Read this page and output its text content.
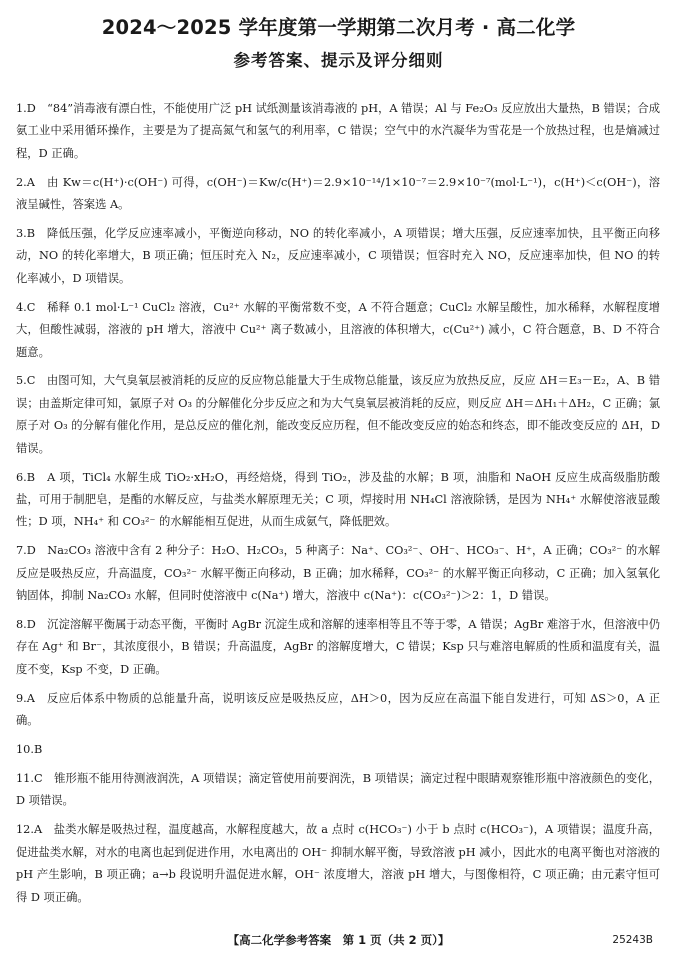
2024～2025 学年度第一学期第二次月考 · 高二化学
参考答案、提示及评分细则
1.D　“84”消毒液有漂白性，不能使用广泛 pH 试纸测量该消毒液的 pH，A 错误；Al 与 Fe₂O₃ 反应放出大量热，B 错误；合成氨工业中采用循环操作，主要是为了提高氮气和氢气的利用率，C 错误；空气中的水汽凝华为雪花是一个放热过程，也是熵减过程，D 正确。
2.A　由 Kw＝c(H⁺)·c(OH⁻) 可得，c(OH⁻)＝Kw/c(H⁺)＝2.9×10⁻¹⁴/1×10⁻⁷＝2.9×10⁻⁷(mol·L⁻¹)，c(H⁺)＜c(OH⁻)，溶液呈碱性，答案选 A。
3.B　降低压强，化学反应速率减小，平衡逆向移动，NO 的转化率减小，A 项错误；增大压强，反应速率加快，且平衡正向移动，NO 的转化率增大，B 项正确；恒压时充入 N₂，反应速率减小，C 项错误；恒容时充入 NO，反应速率加快，但 NO 的转化率减小，D 项错误。
4.C　稀释 0.1 mol·L⁻¹ CuCl₂ 溶液，Cu²⁺ 水解的平衡常数不变，A 不符合题意；CuCl₂ 水解呈酸性，加水稀释，水解程度增大，但酸性减弱，溶液的 pH 增大，溶液中 Cu²⁺ 离子数减小，且溶液的体积增大，c(Cu²⁺) 减小，C 符合题意，B、D 不符合题意。
5.C　由图可知，大气臭氧层被消耗的反应的反应物总能量大于生成物总能量，该反应为放热反应，反应 ΔH＝E₃－E₂，A、B 错误；由盖斯定律可知，氯原子对 O₃ 的分解催化分步反应之和为大气臭氧层被消耗的反应，则反应 ΔH＝ΔH₁＋ΔH₂，C 正确；氯原子对 O₃ 的分解有催化作用，是总反应的催化剂，能改变反应历程，但不能改变反应的始态和终态，即不能改变反应的 ΔH，D 错误。
6.B　A 项，TiCl₄ 水解生成 TiO₂·xH₂O，再经焙烧，得到 TiO₂，涉及盐的水解；B 项，油脂和 NaOH 反应生成高级脂肪酸盐，可用于制肥皂，是酯的水解反应，与盐类水解原理无关；C 项，焊接时用 NH₄Cl 溶液除锈，是因为 NH₄⁺ 水解使溶液显酸性；D 项，NH₄⁺ 和 CO₃²⁻ 的水解能相互促进，从而生成氨气，降低肥效。
7.D　Na₂CO₃ 溶液中含有 2 种分子：H₂O、H₂CO₃，5 种离子：Na⁺、CO₃²⁻、OH⁻、HCO₃⁻、H⁺，A 正确；CO₃²⁻ 的水解反应是吸热反应，升高温度，CO₃²⁻ 水解平衡正向移动，B 正确；加水稀释，CO₃²⁻ 的水解平衡正向移动，C 正确；加入氢氧化钠固体，抑制 Na₂CO₃ 水解，但同时使溶液中 c(Na⁺) 增大，溶液中 c(Na⁺)：c(CO₃²⁻)＞2：1，D 错误。
8.D　沉淀溶解平衡属于动态平衡，平衡时 AgBr 沉淀生成和溶解的速率相等且不等于零，A 错误；AgBr 难溶于水，但溶液中仍存在 Ag⁺ 和 Br⁻，其浓度很小，B 错误；升高温度，AgBr 的溶解度增大，C 错误；Ksp 只与难溶电解质的性质和温度有关，温度不变，Ksp 不变，D 正确。
9.A　反应后体系中物质的总能量升高，说明该反应是吸热反应，ΔH＞0，因为反应在高温下能自发进行，可知 ΔS＞0，A 正确。
10.B
11.C　锥形瓶不能用待测液润洗，A 项错误；滴定管使用前要润洗，B 项错误；滴定过程中眼睛观察锥形瓶中溶液颜色的变化，D 项错误。
12.A　盐类水解是吸热过程，温度越高，水解程度越大，故 a 点时 c(HCO₃⁻) 小于 b 点时 c(HCO₃⁻)，A 项错误；温度升高，促进盐类水解，对水的电离也起到促进作用，水电离出的 OH⁻ 抑制水解平衡，导致溶液 pH 减小，因此水的电离平衡也对溶液的 pH 产生影响，B 项正确；a→b 段说明升温促进水解，OH⁻ 浓度增大，溶液 pH 增大，与图像相符，C 项正确；由元素守恒可得 D 项正确。
【高二化学参考答案　第 1 页（共 2 页）】	25243B
